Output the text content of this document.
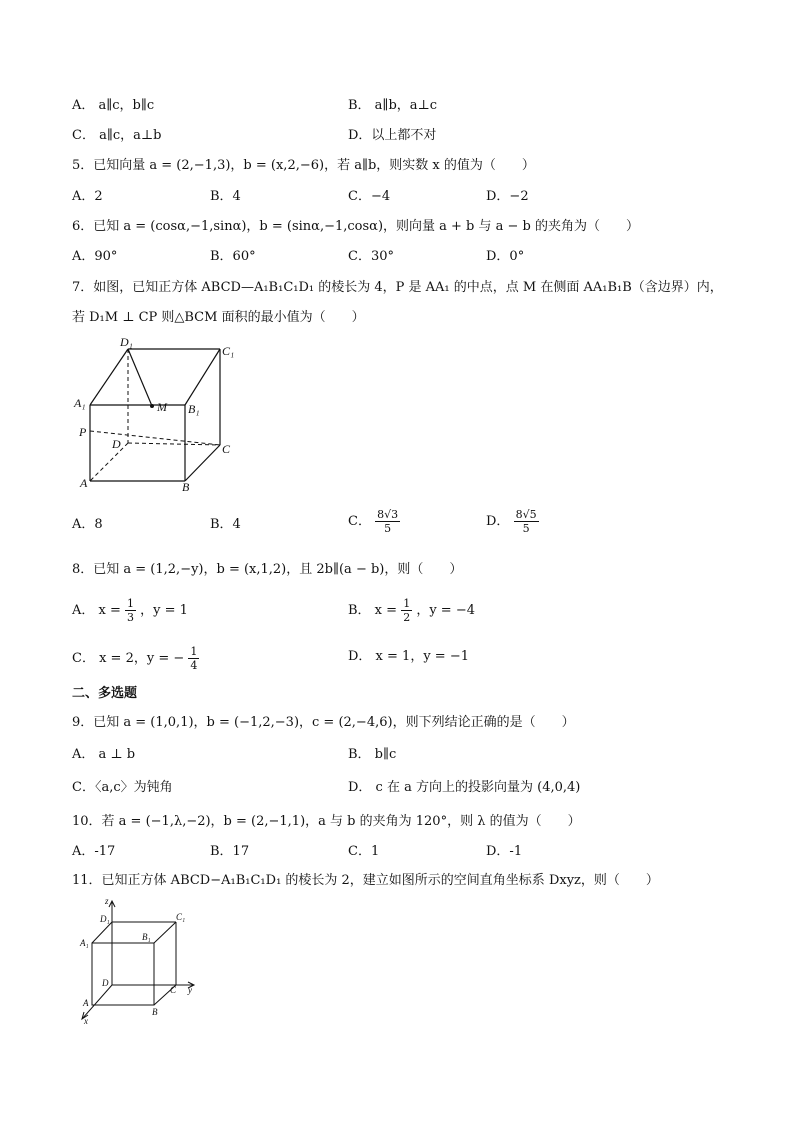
A． a∥c，b∥c	B． a∥b，a⊥c
C． a∥c，a⊥b	D．以上都不对
5．已知向量 a = (2,−1,3)，b = (x,2,−6)，若 a∥b，则实数 x 的值为（　　）
A．2	B．4	C．−4	D．−2
6．已知 a = (cosα,−1,sinα)，b = (sinα,−1,cosα)，则向量 a + b 与 a − b 的夹角为（　　）
A．90°	B．60°	C．30°	D．0°
7．如图，已知正方体 ABCD—A₁B₁C₁D₁ 的棱长为 4，P 是 AA₁ 的中点，点 M 在侧面 AA₁B₁B（含边界）内，
若 D₁M ⊥ CP 则△BCM 面积的最小值为（　　）
D₁
C₁
A₁	B₁
M
P
D	C
A	B
A．8	B．4	C． $\frac{8√3}{5}$	D． $\frac{8√5}{5}$
8．已知 a = (1,2,−y)，b = (x,1,2)，且 2b∥(a − b)，则（　　）
A． $x = \frac{1}{3}$ ，y = 1	B． $x = \frac{1}{2}$ ，y = −4
C． x = 2，y = − $\frac{1}{4}$	D． x = 1，y = −1
二、多选题
9．已知 a = (1,0,1)，b = (−1,2,−3)，c = (2,−4,6)，则下列结论正确的是（　　）
A． a ⊥ b	B． b∥c
C．〈a,c〉为钝角	D． c 在 a 方向上的投影向量为 (4,0,4)
10．若 a = (−1,λ,−2)，b = (2,−1,1)，a 与 b 的夹角为 120°，则 λ 的值为（　　）
A．-17	B．17	C．1	D．-1
11．已知正方体 ABCD−A₁B₁C₁D₁ 的棱长为 2，建立如图所示的空间直角坐标系 Dxyz，则（　　）
z
D₁	C₁
A₁
B₁
D
C y
A
B
x
